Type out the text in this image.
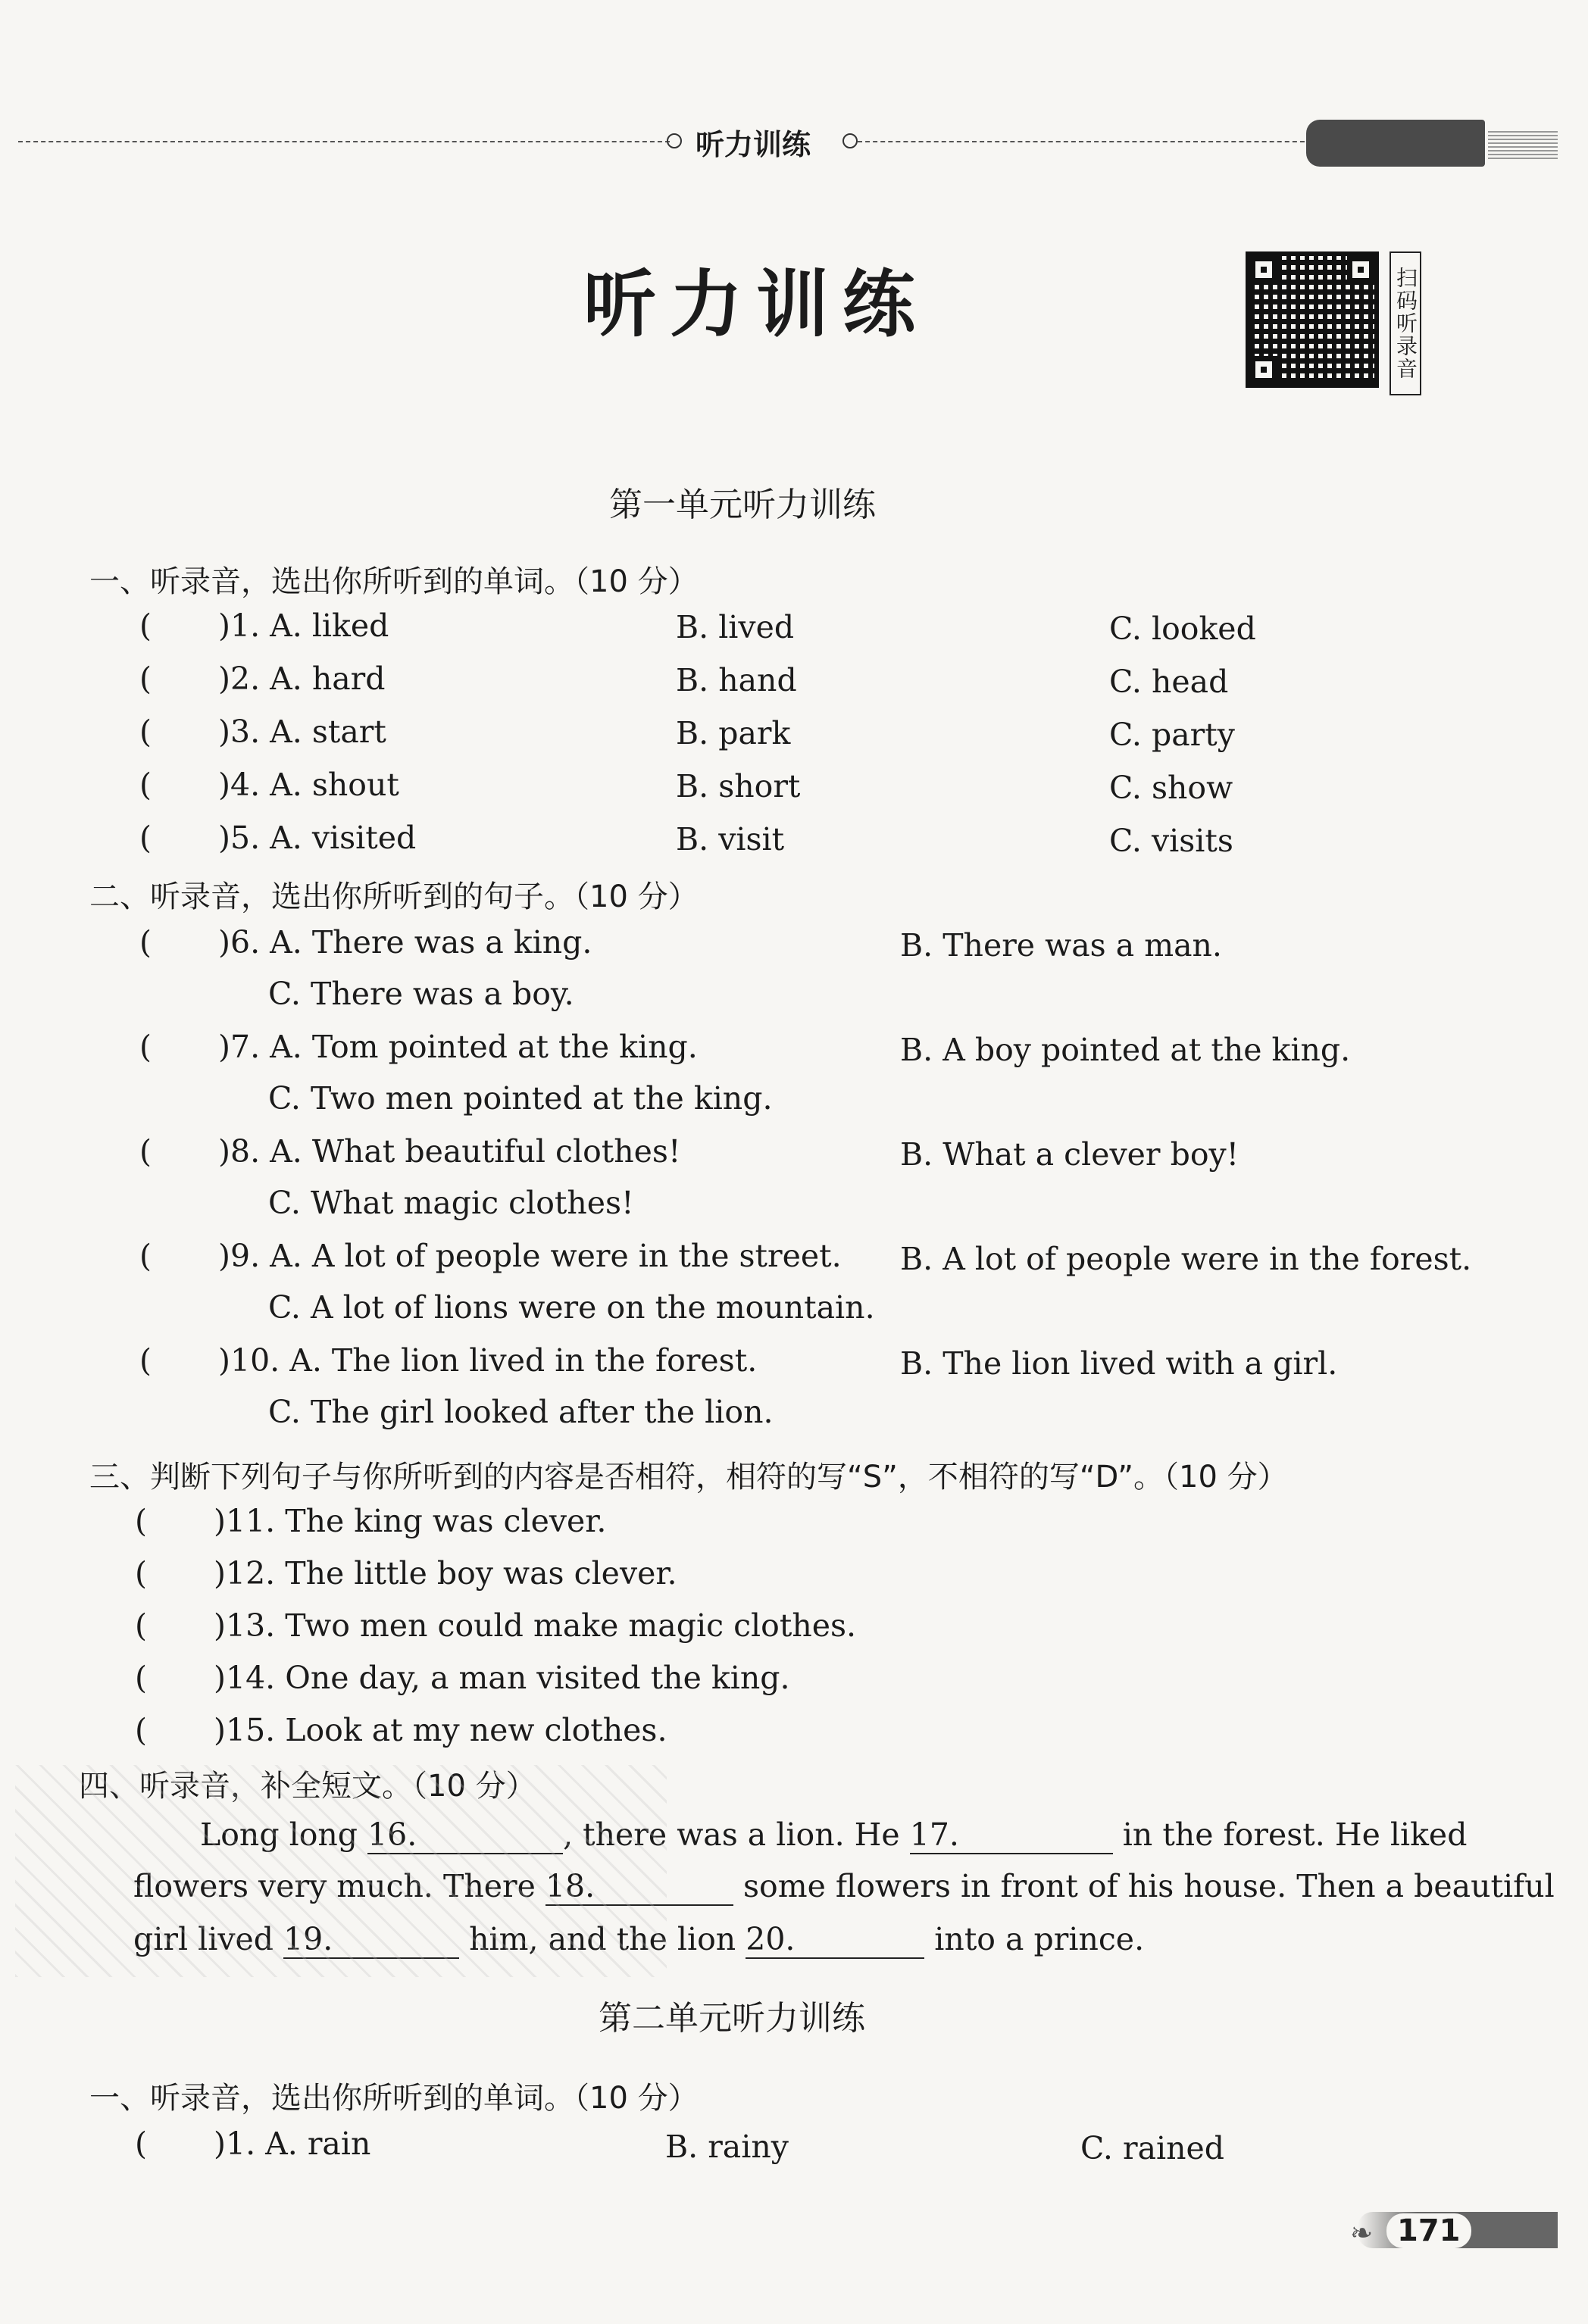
听力训练
听力训练	扫码听录音
第一单元听力训练
一、听录音，选出你所听到的单词。（10 分）
( )1. A. liked	B. lived	C. looked
( )2. A. hard	B. hand	C. head
( )3. A. start	B. park	C. party
( )4. A. shout	B. short	C. show
( )5. A. visited	B. visit	C. visits
二、听录音，选出你所听到的句子。（10 分）
( )6. A. There was a king.	B. There was a man.
C. There was a boy.
( )7. A. Tom pointed at the king.	B. A boy pointed at the king.
C. Two men pointed at the king.
( )8. A. What beautiful clothes!	B. What a clever boy!
C. What magic clothes!
( )9. A. A lot of people were in the street. B. A lot of people were in the forest.
C. A lot of lions were on the mountain.
( )10. A. The lion lived in the forest.	B. The lion lived with a girl.
C. The girl looked after the lion.
三、判断下列句子与你所听到的内容是否相符，相符的写“S”，不相符的写“D”。（10 分）
( )11. The king was clever.
( )12. The little boy was clever.
( )13. Two men could make magic clothes.
( )14. One day, a man visited the king.
( )15. Look at my new clothes.
四、听录音，补全短文。（10 分）
Long long 16.	, there was a lion. He 17.	in the forest. He liked
flowers very much. There 18.	some flowers in front of his house. Then a beautiful
girl lived 19.	him, and the lion 20.	into a prince.
第二单元听力训练
一、听录音，选出你所听到的单词。（10 分）
( )1. A. rain	B. rainy	C. rained
❧ 171
